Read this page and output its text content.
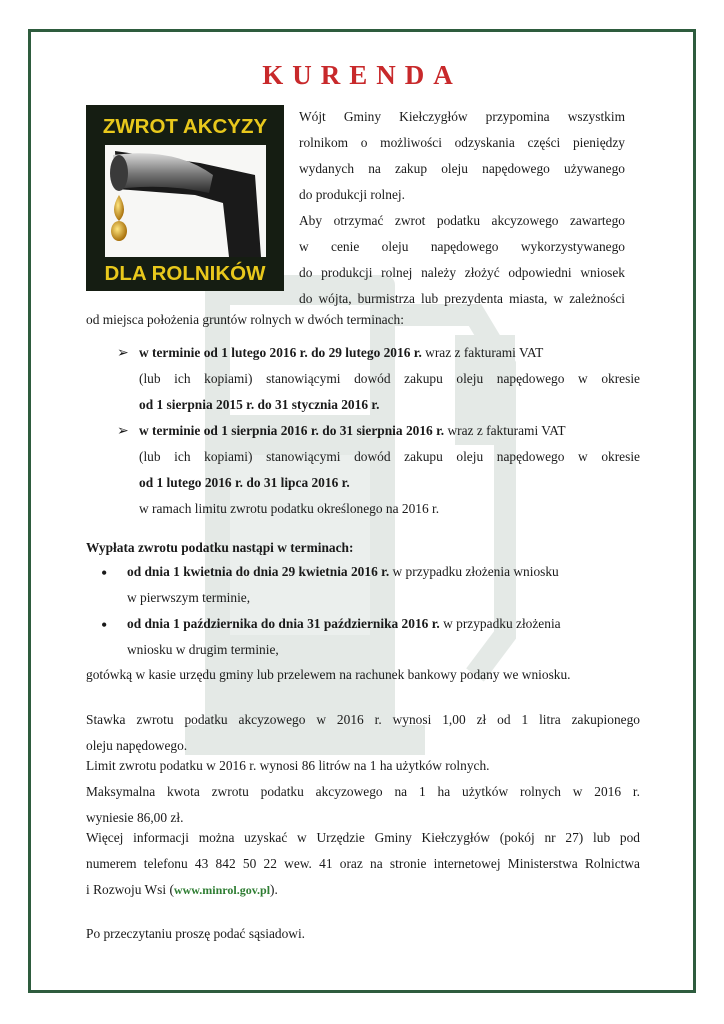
KURENDA
ZWROT AKCYZY
DLA ROLNIKÓW
Wójt Gminy Kiełczygłów przypomina wszystkim
rolnikom o możliwości odzyskania części pieniędzy
wydanych na zakup oleju napędowego używanego
do produkcji rolnej.
Aby otrzymać zwrot podatku akcyzowego zawartego
w cenie oleju napędowego wykorzystywanego
do produkcji rolnej należy złożyć odpowiedni wniosek
do wójta, burmistrza lub prezydenta miasta, w zależności
od miejsca położenia gruntów rolnych w dwóch terminach:
➢ w terminie od 1 lutego 2016 r. do 29 lutego 2016 r. wraz z fakturami VAT
(lub ich kopiami) stanowiącymi dowód zakupu oleju napędowego w okresie
od 1 sierpnia 2015 r. do 31 stycznia 2016 r.
➢ w terminie od 1 sierpnia 2016 r. do 31 sierpnia 2016 r. wraz z fakturami VAT
(lub ich kopiami) stanowiącymi dowód zakupu oleju napędowego w okresie
od 1 lutego 2016 r. do 31 lipca 2016 r.
w ramach limitu zwrotu podatku określonego na 2016 r.
Wypłata zwrotu podatku nastąpi w terminach:
• od dnia 1 kwietnia do dnia 29 kwietnia 2016 r. w przypadku złożenia wniosku
w pierwszym terminie,
• od dnia 1 października do dnia 31 października 2016 r. w przypadku złożenia
wniosku w drugim terminie,
gotówką w kasie urzędu gminy lub przelewem na rachunek bankowy podany we wniosku.
Stawka zwrotu podatku akcyzowego w 2016 r. wynosi 1,00 zł od 1 litra zakupionego
oleju napędowego.
Limit zwrotu podatku w 2016 r. wynosi 86 litrów na 1 ha użytków rolnych.
Maksymalna kwota zwrotu podatku akcyzowego na 1 ha użytków rolnych w 2016 r.
wyniesie 86,00 zł.
Więcej informacji można uzyskać w Urzędzie Gminy Kiełczygłów (pokój nr 27) lub pod
numerem telefonu 43 842 50 22 wew. 41 oraz na stronie internetowej Ministerstwa Rolnictwa
i Rozwoju Wsi (www.minrol.gov.pl).
Po przeczytaniu proszę podać sąsiadowi.
